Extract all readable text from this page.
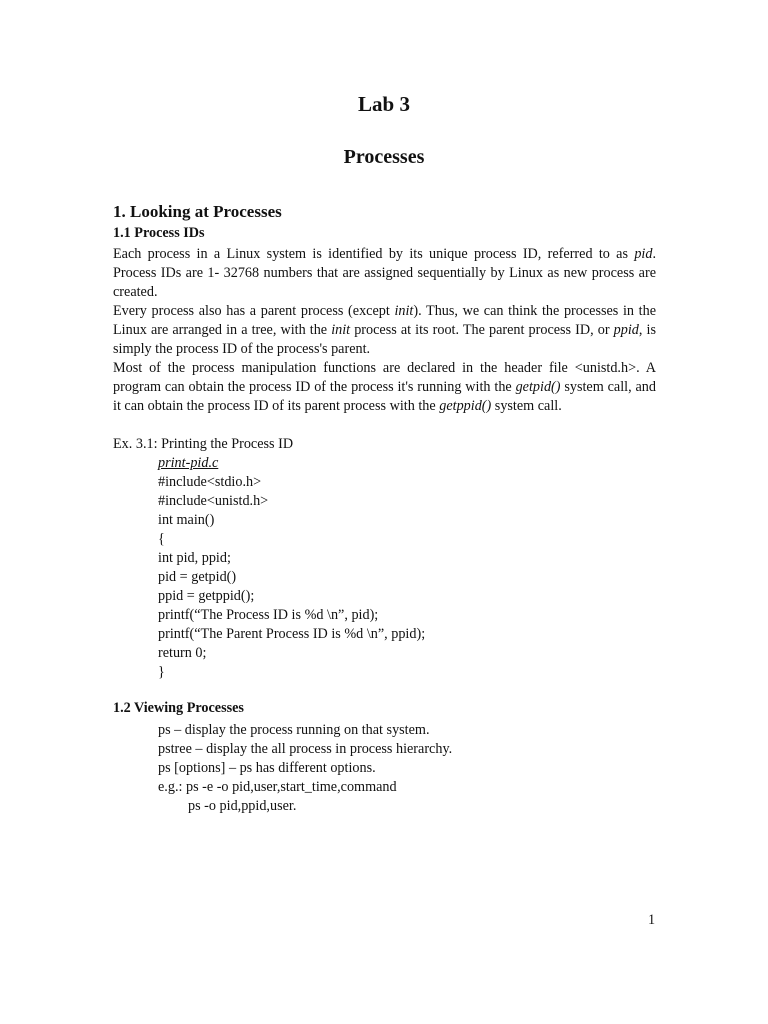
Lab 3
Processes
1. Looking at Processes
1.1 Process IDs
Each process in a Linux system is identified by its unique process ID, referred to as pid. Process IDs are 1- 32768 numbers that are assigned sequentially by Linux as new process are created.
Every process also has a parent process (except init). Thus, we can think the processes in the Linux are arranged in a tree, with the init process at its root. The parent process ID, or ppid, is simply the process ID of the process's parent.
Most of the process manipulation functions are declared in the header file <unistd.h>. A program can obtain the process ID of the process it's running with the getpid() system call, and it can obtain the process ID of its parent process with the getppid() system call.
Ex. 3.1: Printing the Process ID
print-pid.c
#include<stdio.h>
#include<unistd.h>
int main()
{
int pid, ppid;
pid = getpid()
ppid = getppid();
printf(“The Process ID is %d \n”, pid);
printf(“The Parent Process ID is %d \n”, ppid);
return 0;
}
1.2 Viewing Processes
ps – display the process running on that system.
pstree – display the all process in process hierarchy.
ps [options] – ps has different options.
e.g.: ps -e -o pid,user,start_time,command
ps -o pid,ppid,user.
1
